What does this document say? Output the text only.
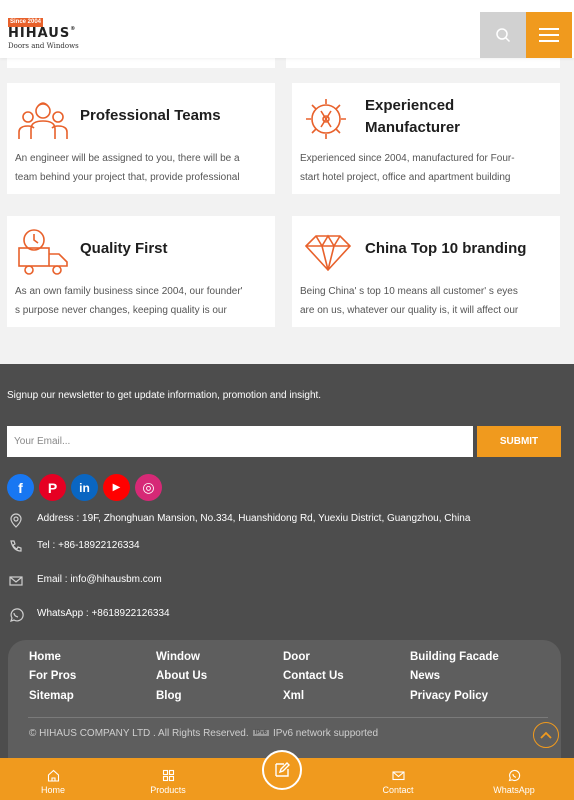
Since 2004
HIHAUS®
Doors and Windows
Professional Teams
An engineer will be assigned to you, there will be a
team behind your project that, provide professional
Experienced
Manufacturer
Experienced since 2004, manufactured for Four-
start hotel project, office and apartment building
Quality First
As an own family business since 2004, our founder'
s purpose never changes, keeping quality is our
China Top 10 branding
Being China' s top 10 means all customer' s eyes
are on us, whatever our quality is, it will affect our
Signup our newsletter to get update information, promotion and insight.
Your Email...
SUBMIT
f P in ▶ ◎
Address : 19F, Zhonghuan Mansion, No.334, Huanshidong Rd, Yuexiu District, Guangzhou, China
Tel : +86-18922126334
Email : info@hihausbm.com
WhatsApp : +8618922126334
Home	Window	Door	Building Facade
For Pros	About Us	Contact Us	News
Sitemap	Blog	Xml	Privacy Policy
© HIHAUS COMPANY LTD . All Rights Reserved. IPv6 IPv6 network supported
Home	Products	Contact	WhatsApp
